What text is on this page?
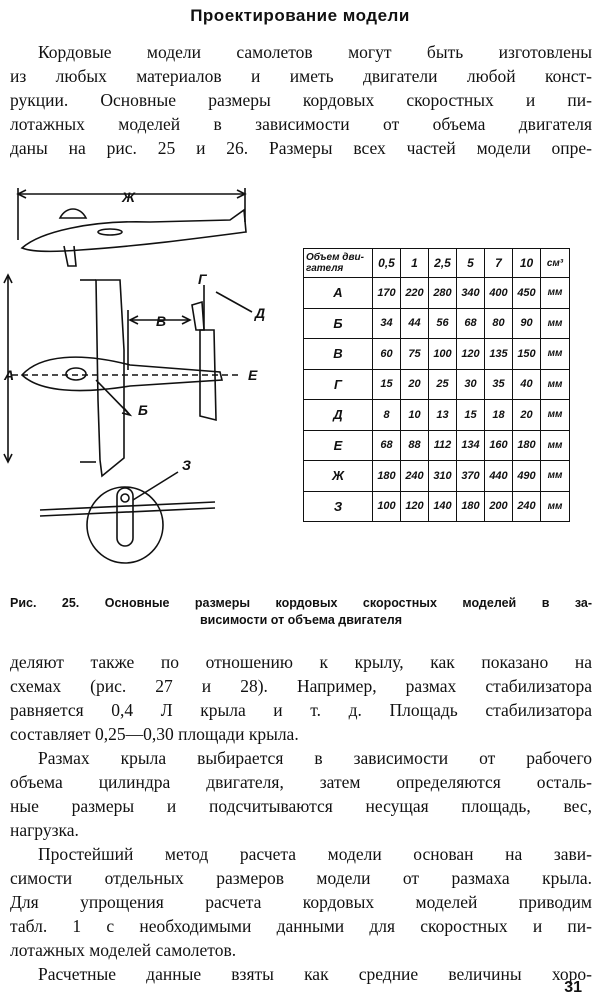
Проектирование модели
Кордовые модели самолетов могут быть изготовлены
из любых материалов и иметь двигатели любой конст-
рукции. Основные размеры кордовых скоростных и пи-
лотажных моделей в зависимости от объема двигателя
даны на рис. 25 и 26. Размеры всех частей модели опре-
Ж
А
В
Г
Д
Е
Б
З
Объем дви-гателя	0,5	1	2,5	5	7	10	см³
А	170	220	280	340	400	450	мм
Б	34	44	56	68	80	90	мм
В	60	75	100	120	135	150	мм
Г	15	20	25	30	35	40	мм
Д	8	10	13	15	18	20	мм
Е	68	88	112	134	160	180	мм
Ж	180	240	310	370	440	490	мм
З	100	120	140	180	200	240	мм
Рис. 25. Основные размеры кордовых скоростных моделей в за-
висимости от объема двигателя
деляют также по отношению к крылу, как показано на
схемах (рис. 27 и 28). Например, размах стабилизатора
равняется 0,4 Л крыла и т. д. Площадь стабилизатора
составляет 0,25—0,30 площади крыла.
Размах крыла выбирается в зависимости от рабочего
объема цилиндра двигателя, затем определяются осталь-
ные размеры и подсчитываются несущая площадь, вес,
нагрузка.
Простейший метод расчета модели основан на зави-
симости отдельных размеров модели от размаха крыла.
Для упрощения расчета кордовых моделей приводим
табл. 1 с необходимыми данными для скоростных и пи-
лотажных моделей самолетов.
Расчетные данные взяты как средние величины хоро-
31
